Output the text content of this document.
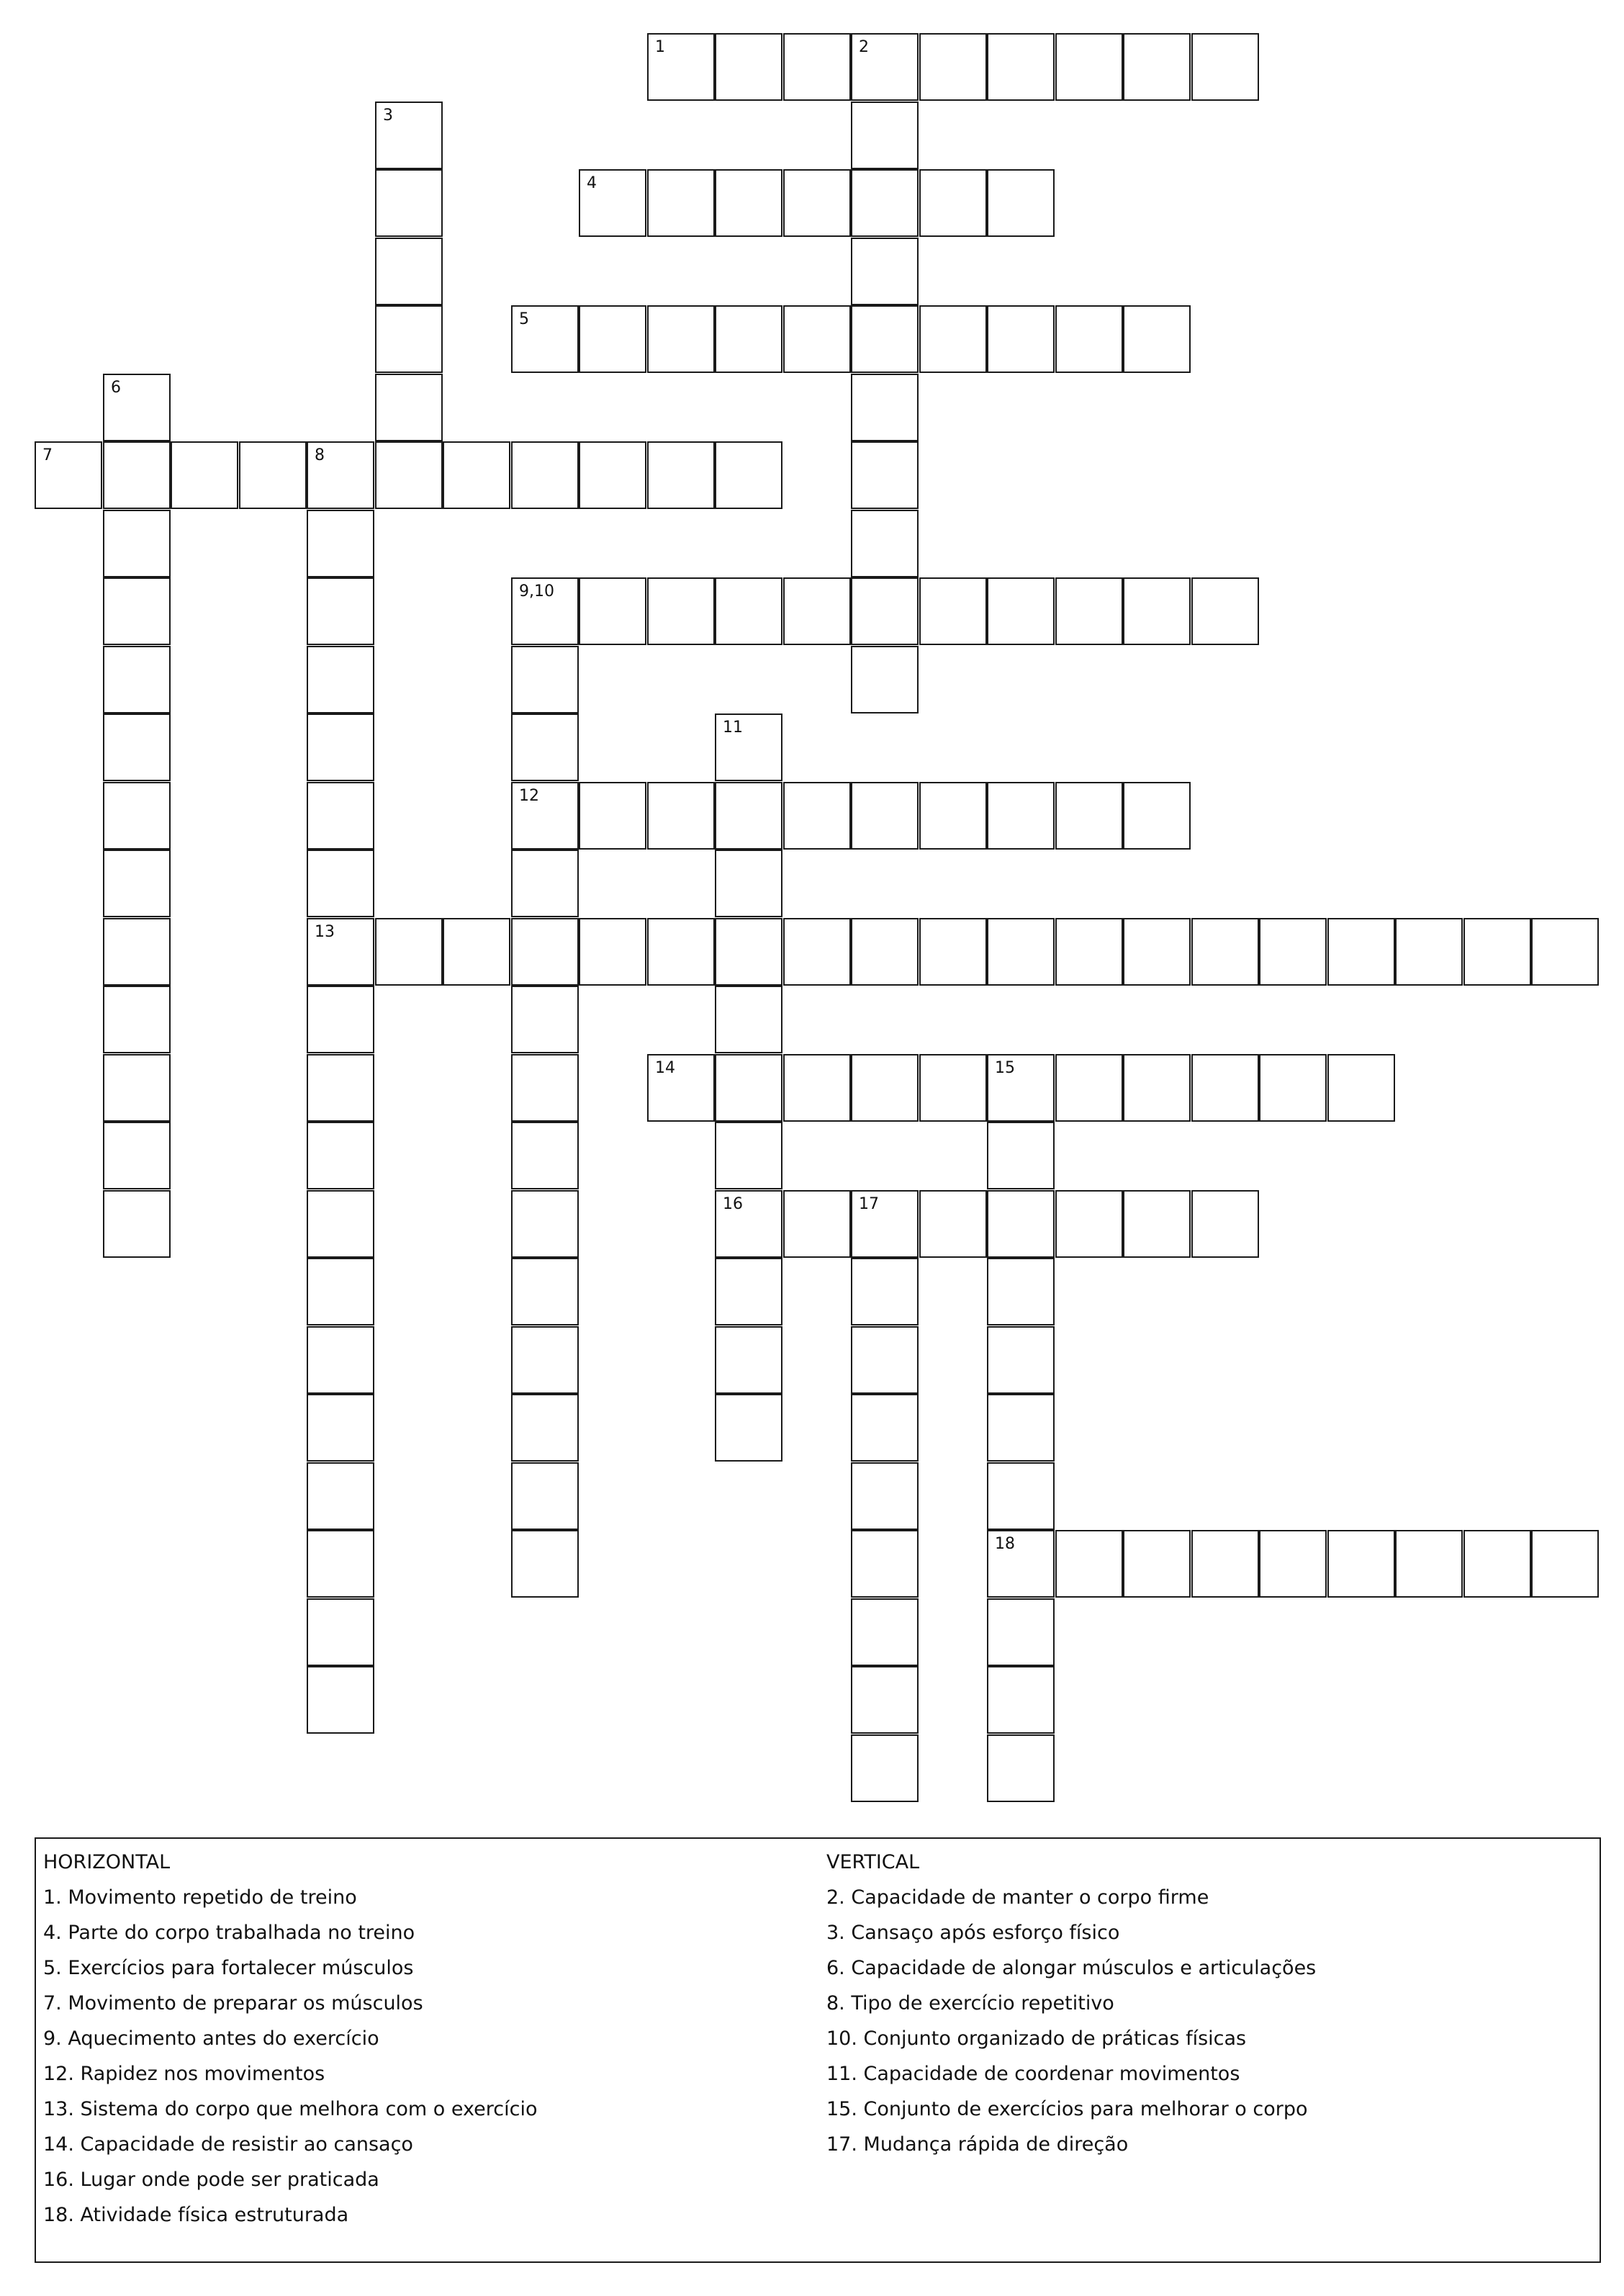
1	2
3
4
5
6
7	8
9,10
11
12
13
14	15
16	17
18
HORIZONTAL
1. Movimento repetido de treino
4. Parte do corpo trabalhada no treino
5. Exercícios para fortalecer músculos
7. Movimento de preparar os músculos
9. Aquecimento antes do exercício
12. Rapidez nos movimentos
13. Sistema do corpo que melhora com o exercício
14. Capacidade de resistir ao cansaço
16. Lugar onde pode ser praticada
18. Atividade física estruturada
VERTICAL
2. Capacidade de manter o corpo firme
3. Cansaço após esforço físico
6. Capacidade de alongar músculos e articulações
8. Tipo de exercício repetitivo
10. Conjunto organizado de práticas físicas
11. Capacidade de coordenar movimentos
15. Conjunto de exercícios para melhorar o corpo
17. Mudança rápida de direção
